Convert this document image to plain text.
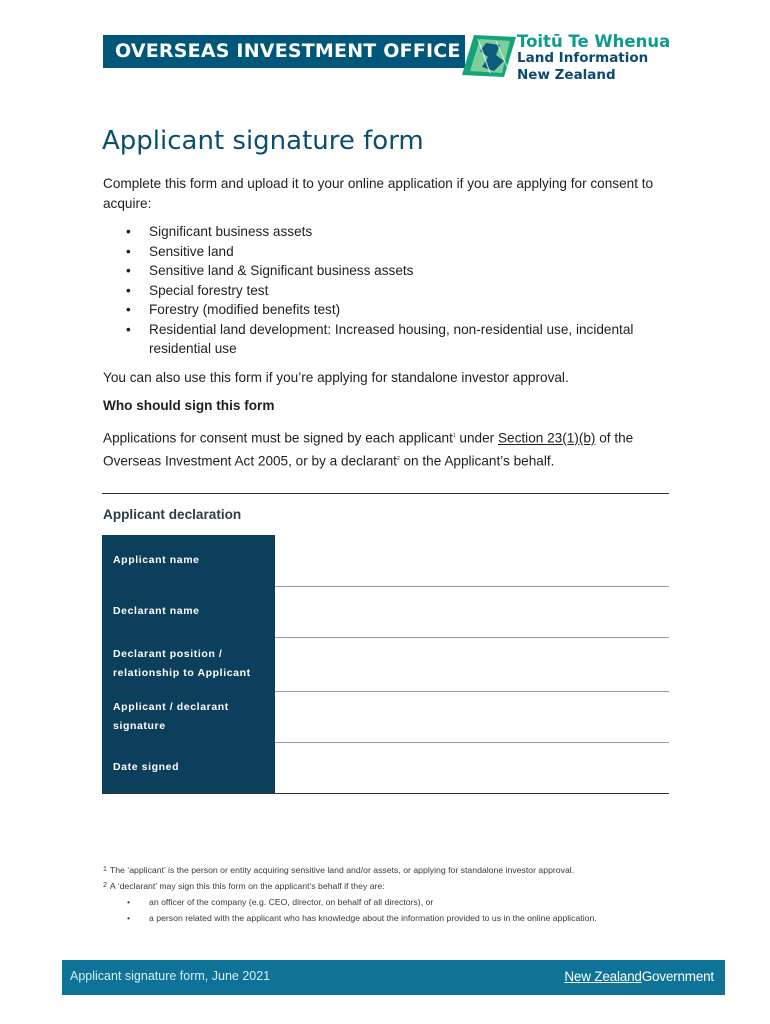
OVERSEAS INVESTMENT OFFICE	Toitū Te Whenua
Land Information
New Zealand
Applicant signature form
Complete this form and upload it to your online application if you are applying for consent to acquire:
• Significant business assets
• Sensitive land
• Sensitive land & Significant business assets
• Special forestry test
• Forestry (modified benefits test)
• Residential land development: Increased housing, non-residential use, incidental residential use
You can also use this form if you’re applying for standalone investor approval.
Who should sign this form
Applications for consent must be signed by each applicant$^1$ under Section 23(1)(b) of the Overseas Investment Act 2005, or by a declarant$^2$ on the Applicant’s behalf.
Applicant declaration
Applicant name	
Declarant name	
Declarant position / relationship to Applicant	
Applicant / declarant signature	
Date signed	
$^1$ The ‘applicant’ is the person or entity acquiring sensitive land and/or assets, or applying for standalone investor approval.
$^2$ A ‘declarant’ may sign this this form on the applicant’s behalf if they are:
• an officer of the company (e.g. CEO, director, on behalf of all directors), or
• a person related with the applicant who has knowledge about the information provided to us in the online application.
Applicant signature form, June 2021	New ZealandGovernment
